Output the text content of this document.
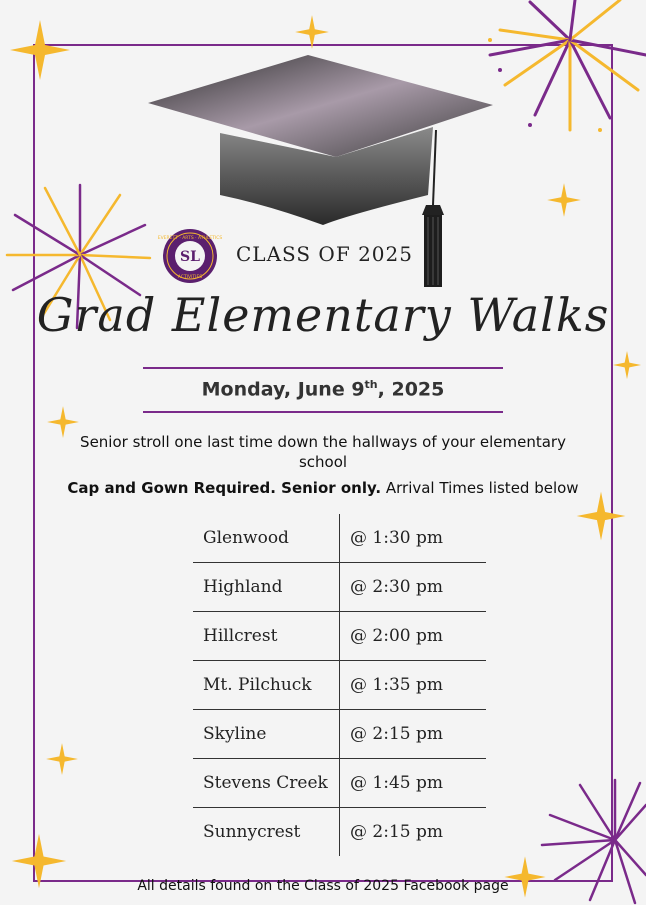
SL
EVERETT · ARTS · ATHLETICS
ACTIVITIES
CLASS OF 2025
Grad Elementary Walks
Monday, June 9th, 2025
Senior stroll one last time down the hallways of your elementary school
Cap and Gown Required. Senior only. Arrival Times listed below
Glenwood	@ 1:30 pm
Highland	@ 2:30 pm
Hillcrest	@ 2:00 pm
Mt. Pilchuck	@ 1:35 pm
Skyline	@ 2:15 pm
Stevens Creek	@ 1:45 pm
Sunnycrest	@ 2:15 pm
All details found on the Class of 2025 Facebook page
